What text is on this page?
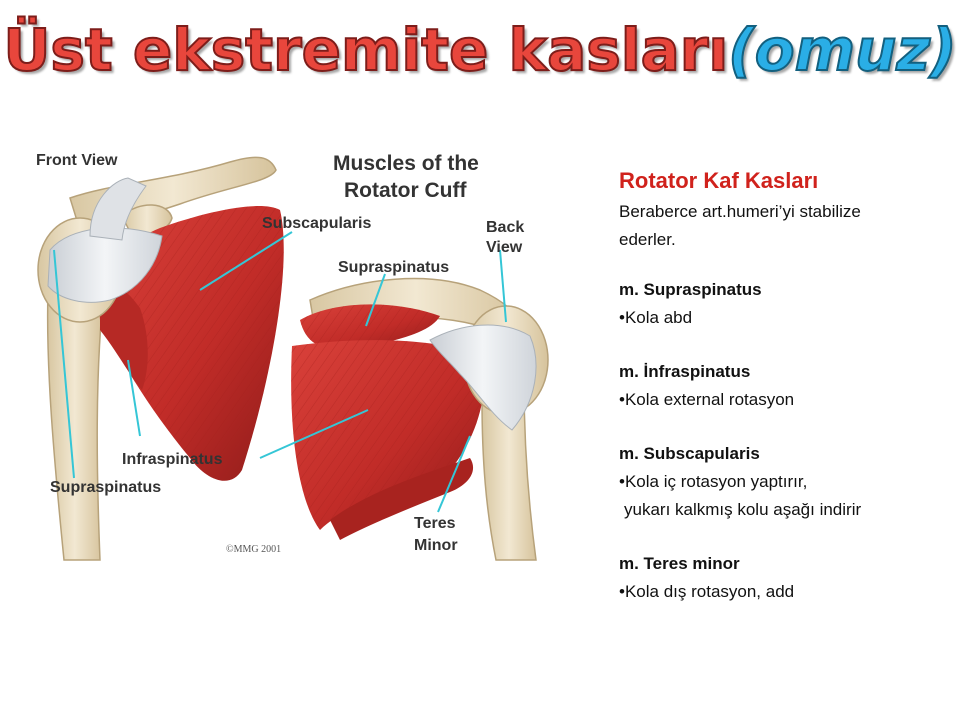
Üst ekstremite kasları(omuz)
Muscles of the
Rotator Cuff
Front View
Back
View
Subscapularis
Supraspinatus
Infraspinatus
Supraspinatus
Teres
Minor
©MMG 2001
Rotator Kaf Kasları

Beraberce art.humeri’yi stabilize
ederler.

m. Supraspinatus
•Kola abd
m. İnfraspinatus
•Kola external rotasyon
m. Subscapularis
•Kola iç rotasyon yaptırır,
yukarı kalkmış kolu aşağı indirir
m. Teres minor
•Kola dış rotasyon, add
